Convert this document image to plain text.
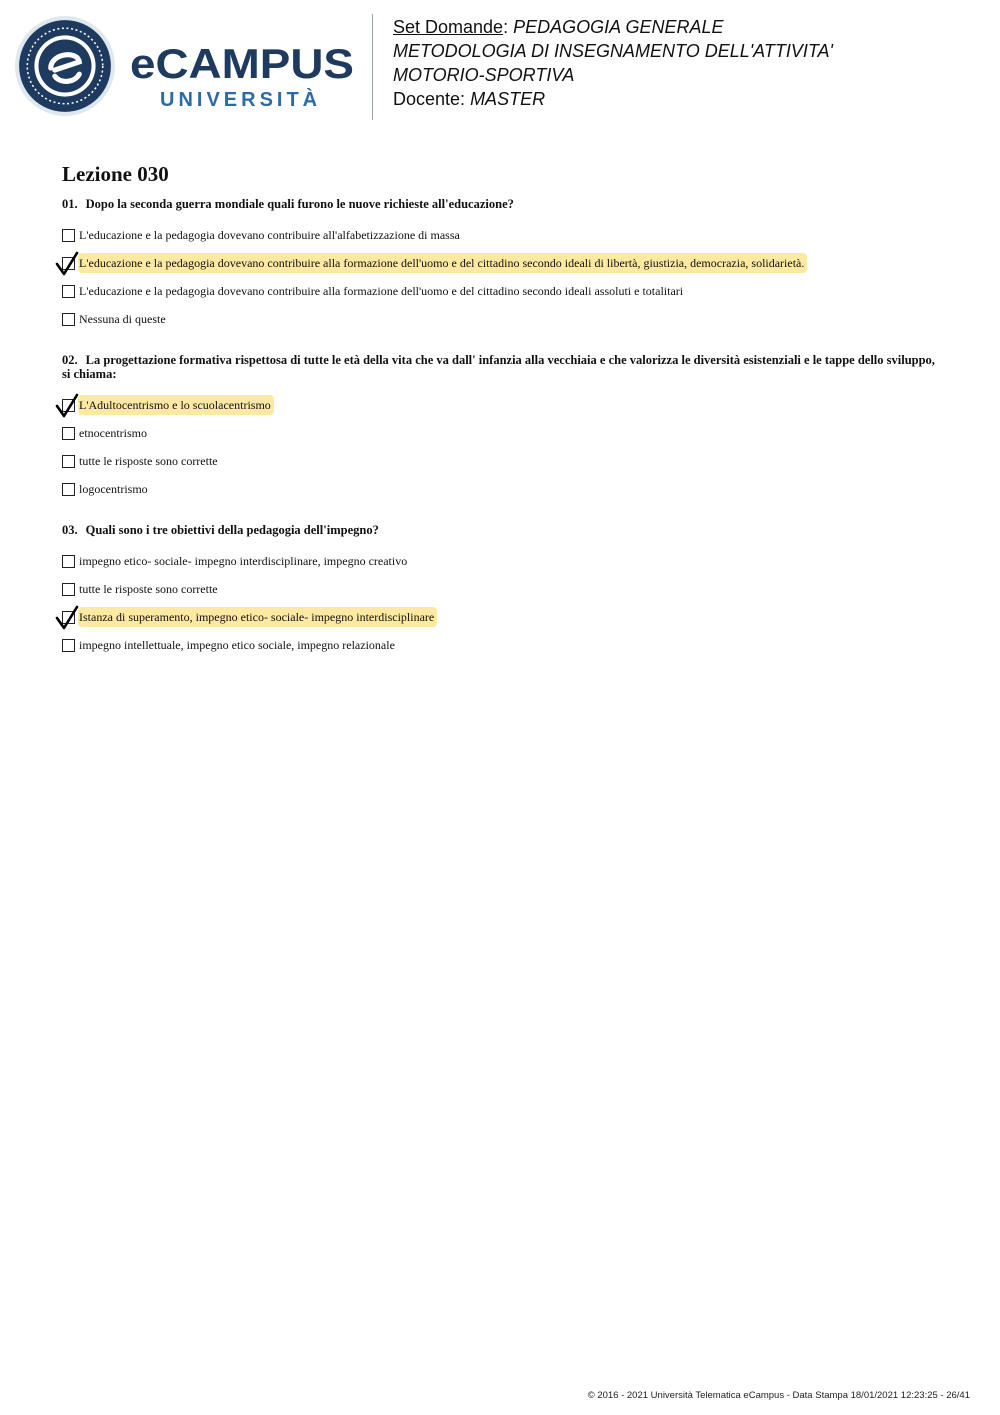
eCAMPUS
UNIVERSITÀ
Set Domande: PEDAGOGIA GENERALE
METODOLOGIA DI INSEGNAMENTO DELL'ATTIVITA'
MOTORIO-SPORTIVA
Docente: MASTER
Lezione 030
01. Dopo la seconda guerra mondiale quali furono le nuove richieste all'educazione?
L'educazione e la pedagogia dovevano contribuire all'alfabetizzazione di massa
L'educazione e la pedagogia dovevano contribuire alla formazione dell'uomo e del cittadino secondo ideali di libertà, giustizia, democrazia, solidarietà.
L'educazione e la pedagogia dovevano contribuire alla formazione dell'uomo e del cittadino secondo ideali assoluti e totalitari
Nessuna di queste
02. La progettazione formativa rispettosa di tutte le età della vita che va dall' infanzia alla vecchiaia e che valorizza le diversità esistenziali e le tappe dello sviluppo, si chiama:
L'Adultocentrismo e lo scuolacentrismo
etnocentrismo
tutte le risposte sono corrette
logocentrismo
03. Quali sono i tre obiettivi della pedagogia dell'impegno?
impegno etico- sociale- impegno interdisciplinare, impegno creativo
tutte le risposte sono corrette
Istanza di superamento, impegno etico- sociale- impegno interdisciplinare
impegno intellettuale, impegno etico sociale, impegno relazionale
© 2016 - 2021 Università Telematica eCampus - Data Stampa 18/01/2021 12:23:25 - 26/41
